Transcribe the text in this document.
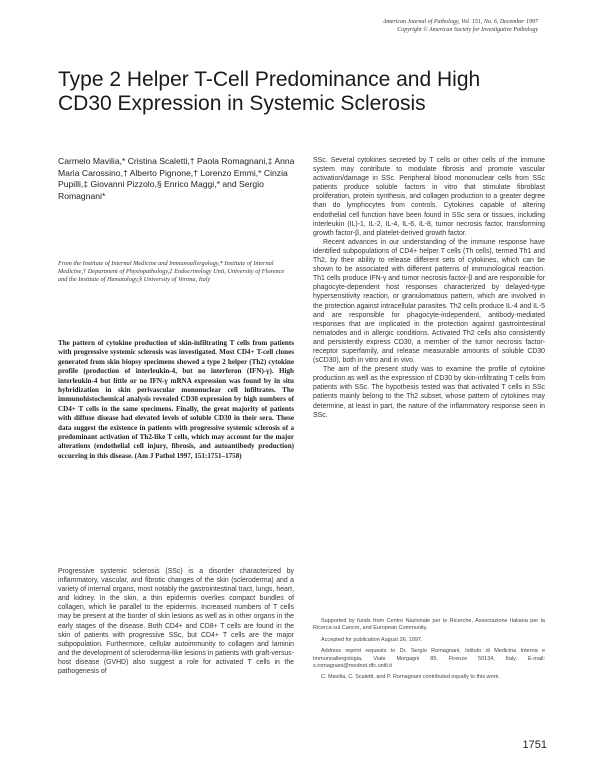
American Journal of Pathology, Vol. 151, No. 6, December 1997
Copyright © American Society for Investigative Pathology
Type 2 Helper T-Cell Predominance and High CD30 Expression in Systemic Sclerosis
Carmelo Mavilia,* Cristina Scaletti,† Paola Romagnani,‡ Anna Maria Carossino,† Alberto Pignone,† Lorenzo Emmi,* Cinzia Pupilli,‡ Giovanni Pizzolo,§ Enrico Maggi,* and Sergio Romagnani*
From the Institute of Internal Medicine and Immunoallergology,* Institute of Internal Medicine,† Department of Physiopathology,‡ Endocrinology Unit, University of Florence and the Institute of Hematology,§ University of Verona, Italy
The pattern of cytokine production of skin-infiltrating T cells from patients with progressive systemic sclerosis was investigated. Most CD4+ T-cell clones generated from skin biopsy specimens showed a type 2 helper (Th2) cytokine profile (production of interleukin-4, but no interferon (IFN)-γ). High interleukin-4 but little or no IFN-γ mRNA expression was found by in situ hybridization in skin perivascular mononuclear cell infiltrates. The immunohistochemical analysis revealed CD30 expression by high numbers of CD4+ T cells in the same specimens. Finally, the great majority of patients with diffuse disease had elevated levels of soluble CD30 in their sera. These data suggest the existence in patients with progressive systemic sclerosis of a predominant activation of Th2-like T cells, which may account for the major alterations (endothelial cell injury, fibrosis, and autoantibody production) occurring in this disease. (Am J Pathol 1997, 151:1751–1758)

Progressive systemic sclerosis (SSc) is a disorder characterized by inflammatory, vascular, and fibrotic changes of the skin (scleroderma) and a variety of internal organs, most notably the gastrointestinal tract, lungs, heart, and kidney. In the skin, a thin epidermis overlies compact bundles of collagen, which lie parallel to the epidermis. Increased numbers of T cells may be present at the border of skin lesions as well as in other organs in the early stages of the disease. Both CD4+ and CD8+ T cells are found in the skin of patients with progressive SSc, but CD4+ T cells are the major subpopulation. Furthermore, cellular autoimmunity to collagen and laminin and the development of scleroderma-like lesions in patients with graft-versus-host disease (GVHD) also suggest a role for activated T cells in the pathogenesis of

SSc. Several cytokines secreted by T cells or other cells of the immune system may contribute to modulate fibrosis and promote vascular activation/damage in SSc. Peripheral blood mononuclear cells from SSc patients produce soluble factors in vitro that stimulate fibroblast proliferation, protein synthesis, and collagen production to a greater degree than do lymphocytes from controls. Cytokines capable of altering endothelial cell function have been found in SSc sera or tissues, including interleukin (IL)-1, IL-2, IL-4, IL-6, IL-8, tumor necrosis factor, transforming growth factor-β, and platelet-derived growth factor.

Recent advances in our understanding of the immune response have identified subpopulations of CD4+ helper T cells (Th cells), termed Th1 and Th2, by their ability to release different sets of cytokines, which can be shown to be associated with different patterns of immunological reaction. Th1 cells produce IFN-γ and tumor necrosis factor-β and are responsible for phagocyte-dependent host responses characterized by delayed-type hypersensitivity reaction, or granulomatous pattern, which are involved in the protection against intracellular parasites. Th2 cells produce IL-4 and IL-5 and are responsible for phagocyte-independent, antibody-mediated responses that are implicated in the protection against gastrointestinal nematodes and in allergic conditions. Activated Th2 cells also consistently and persistently express CD30, a member of the tumor necrosis factor-receptor superfamily, and release measurable amounts of soluble CD30 (sCD30), both in vitro and in vivo.

The aim of the present study was to examine the profile of cytokine production as well as the expression of CD30 by skin-infiltrating T cells from patients with SSc. The hypothesis tested was that activated T cells in SSc patients mainly belong to the Th2 subset, whose pattern of cytokines may determine, at least in part, the nature of the inflammatory response seen in SSc.

Supported by funds from Centro Nazionale per le Ricerche, Associazione Italiana per la Ricerca sul Cancro, and European Community.

Accepted for publication August 26, 1997.

Address reprint requests to Dr. Sergio Romagnani, Istituto di Medicina Interna e Immunoallergologia, Viale Morgagni 85, Firenze 50134, Italy. E-mail: s.romagnani@mednet.dfc.unifi.it

C. Mavilia, C. Scaletti, and P. Romagnani contributed equally to this work.

1751
